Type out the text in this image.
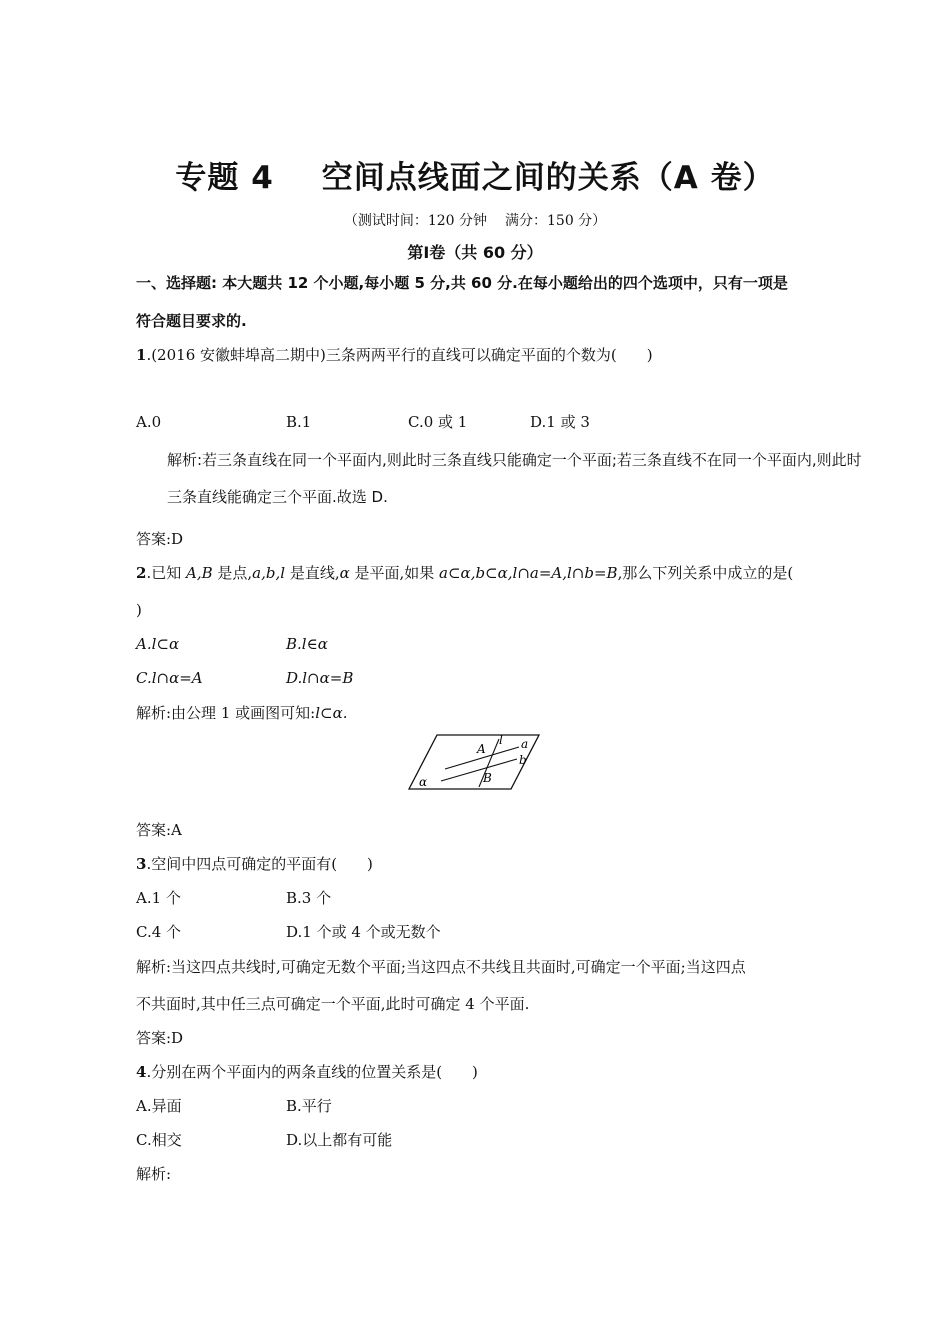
专题 4 空间点线面之间的关系（A 卷）
（测试时间：120 分钟 满分：150 分）
第Ⅰ卷（共 60 分）
一、选择题: 本大题共 12 个小题,每小题 5 分,共 60 分.在每小题给出的四个选项中，只有一项是
符合题目要求的.
1.(2016 安徽蚌埠高二期中)三条两两平行的直线可以确定平面的个数为(　　)
A.0	B.1	C.0 或 1	D.1 或 3
解析:若三条直线在同一个平面内,则此时三条直线只能确定一个平面;若三条直线不在同一个平面内,则此时
三条直线能确定三个平面.故选 D.
答案:D
2.已知 A,B 是点,a,b,l 是直线,α 是平面,如果 a⊂α,b⊂α,l∩a=A,l∩b=B,那么下列关系中成立的是(
)
A.l⊂α	B.l∈α
C.l∩α=A	D.l∩α=B
解析:由公理 1 或画图可知:l⊂α.
A
l a
b
B
α
答案:A
3.空间中四点可确定的平面有(　　)
A.1 个	B.3 个
C.4 个	D.1 个或 4 个或无数个
解析:当这四点共线时,可确定无数个平面;当这四点不共线且共面时,可确定一个平面;当这四点
不共面时,其中任三点可确定一个平面,此时可确定 4 个平面.
答案:D
4.分别在两个平面内的两条直线的位置关系是(　　)
A.异面	B.平行
C.相交	D.以上都有可能
解析:
